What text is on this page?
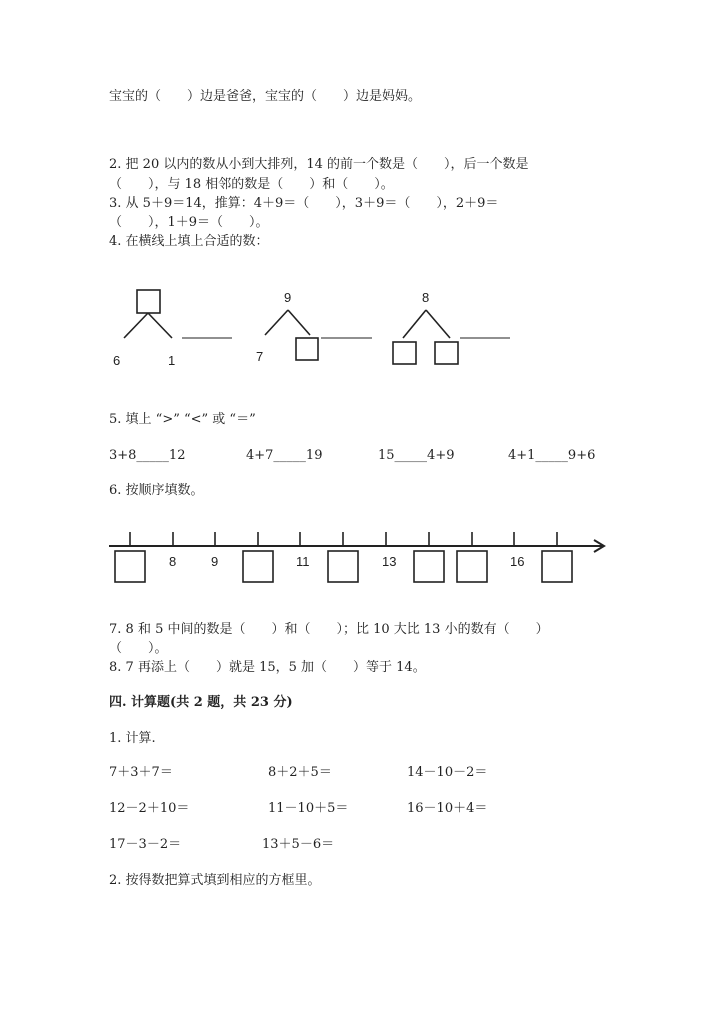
宝宝的（　　）边是爸爸，宝宝的（　　）边是妈妈。
2. 把 20 以内的数从小到大排列，14 的前一个数是（　　），后一个数是
（　　），与 18 相邻的数是（　　）和（　　）。
3. 从 5＋9＝14，推算：4＋9＝（　　），3＋9＝（　　），2＋9＝
（　　），1＋9＝（　　）。
4. 在横线上填上合适的数：
6	1
9
7
8
8	9	11	13	16
5. 填上 “>” “<” 或 “＝”
3+8_____12	4+7_____19	15_____4+9	4+1_____9+6
6. 按顺序填数。
7. 8 和 5 中间的数是（　　）和（　　）；比 10 大比 13 小的数有（　　）
（　　）。
8. 7 再添上（　　）就是 15，5 加（　　）等于 14。
四. 计算题(共 2 题，共 23 分)
1. 计算.
7＋3＋7＝	8＋2＋5＝	14－10－2＝
12－2＋10＝	11－10＋5＝	16－10＋4＝
17－3－2＝	13＋5－6＝
2. 按得数把算式填到相应的方框里。
